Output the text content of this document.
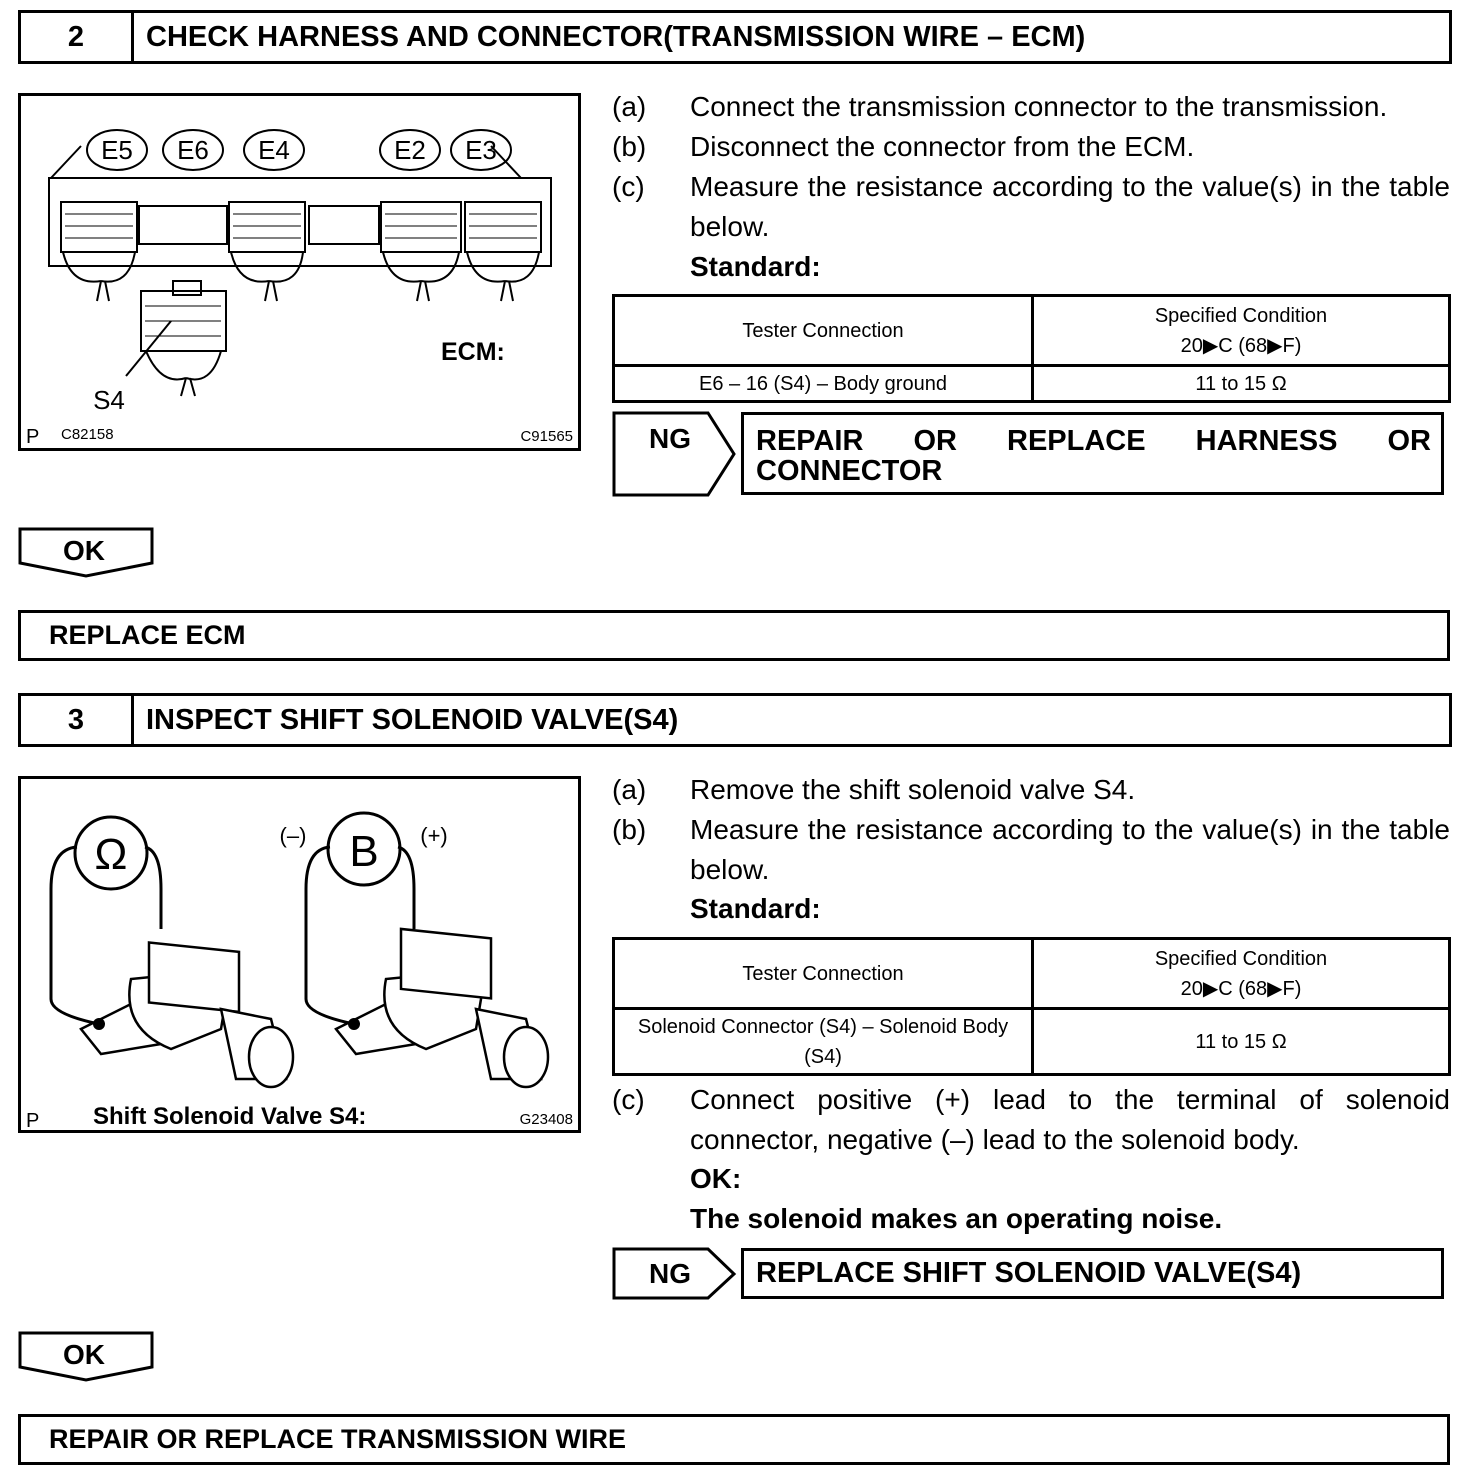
2	CHECK HARNESS AND CONNECTOR(TRANSMISSION WIRE – ECM)
E5 E6 E4	E2 E3
S4
ECM:
P C82158	C91565
(a) Connect the transmission connector to the transmission.
(b) Disconnect the connector from the ECM.
(c) Measure the resistance according to the value(s) in the table below.
Standard:
Tester Connection	Specified Condition
20▶C (68▶F)
E6 – 16 (S4) – Body ground	11 to 15 Ω
NG	REPAIR OR REPLACE HARNESS OR CONNECTOR
OK
REPLACE ECM
3	INSPECT SHIFT SOLENOID VALVE(S4)
Ω	B
(–)	(+)
Shift Solenoid Valve S4:
P	G23408
(a) Remove the shift solenoid valve S4.
(b) Measure the resistance according to the value(s) in the table below.
Standard:
Tester Connection	Specified Condition
20▶C (68▶F)
Solenoid Connector (S4) – Solenoid Body (S4)	11 to 15 Ω
(c) Connect positive (+) lead to the terminal of solenoid connector, negative (–) lead to the solenoid body.
OK:
The solenoid makes an operating noise.
NG	REPLACE SHIFT SOLENOID VALVE(S4)
OK
REPAIR OR REPLACE TRANSMISSION WIRE
